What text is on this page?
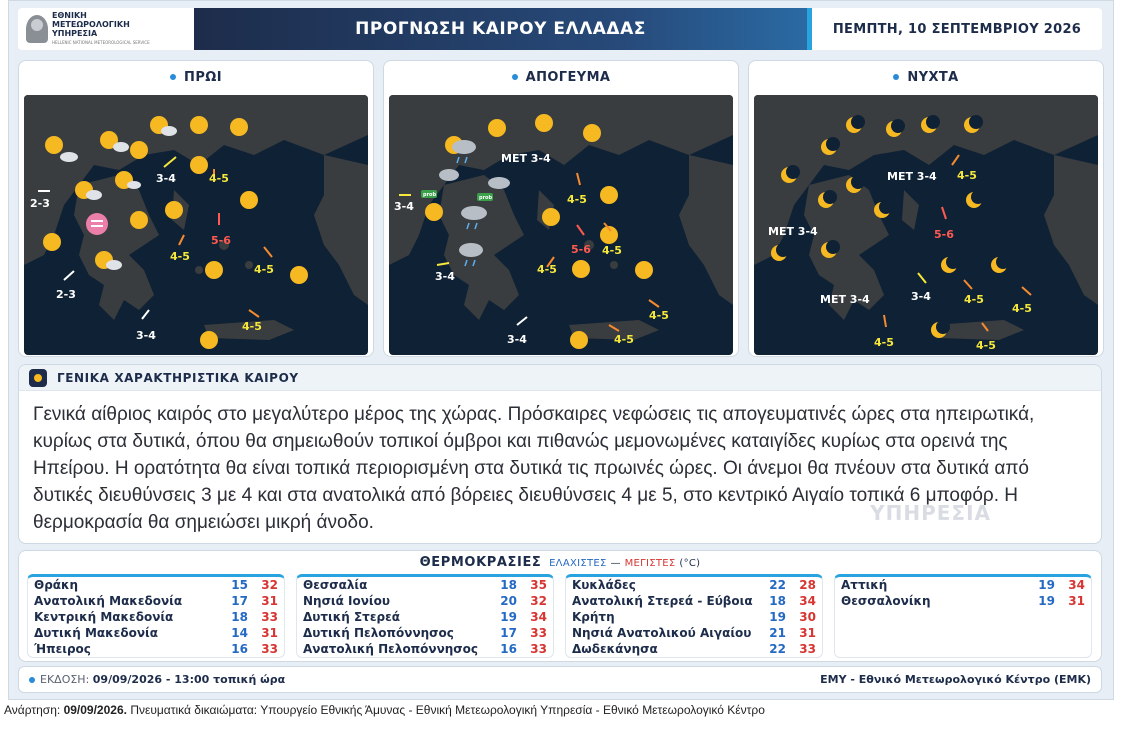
ΕΘΝΙΚΗ
ΜΕΤΕΩΡΟΛΟΓΙΚΗ
ΥΠΗΡΕΣΙΑ
HELLENIC NATIONAL METEOROLOGICAL SERVICE
ΠΡΟΓΝΩΣΗ ΚΑΙΡΟΥ ΕΛΛΑΔΑΣ	ΠΕΜΠΤΗ, 10 ΣΕΠΤΕΜΒΡΙΟΥ 2026
ΠΡΩΙ
2-3
3-4	4-5
5-6
4-5
4-5
2-3
3-4
4-5
ΑΠΟΓΕΥΜΑ
prob	prob
ΜΕΤ 3-4
3-4
4-5
5-6 4-5
3-4
4-5
4-5
3-4	4-5
ΝΥΧΤΑ
ΜΕΤ 3-4
ΜΕΤ 3-4
ΜΕΤ 3-4
4-5
5-6
3-4	4-5
4-5
4-5	4-5
ΓΕΝΙΚΑ ΧΑΡΑΚΤΗΡΙΣΤΙΚΑ ΚΑΙΡΟΥ
Γενικά αίθριος καιρός στο μεγαλύτερο μέρος της χώρας. Πρόσκαιρες νεφώσεις τις απογευματινές ώρες στα ηπειρωτικά, κυρίως στα δυτικά, όπου θα σημειωθούν τοπικοί όμβροι και πιθανώς μεμονωμένες καταιγίδες κυρίως στα ορεινά της Ηπείρου. Η ορατότητα θα είναι τοπικά περιορισμένη στα δυτικά τις πρωινές ώρες. Οι άνεμοι θα πνέουν στα δυτικά από δυτικές διευθύνσεις 3 με 4 και στα ανατολικά από βόρειες διευθύνσεις 4 με 5, στο κεντρικό Αιγαίο τοπικά 6 μποφόρ. Η θερμοκρασία θα σημειώσει μικρή άνοδο.	ΥΠΗΡΕΣΙΑ
ΘΕΡΜΟΚΡΑΣΙΕΣ ΕΛΑΧΙΣΤΕΣ — ΜΕΓΙΣΤΕΣ (°C)
Θράκη	15	32
Ανατολική Μακεδονία	17	31
Κεντρική Μακεδονία	18	33
Δυτική Μακεδονία	14	31
Ήπειρος	16	33
Θεσσαλία	18	35
Νησιά Ιονίου	20	32
Δυτική Στερεά	19	34
Δυτική Πελοπόννησος	17	33
Ανατολική Πελοπόννησος	16	33
Κυκλάδες	22	28
Ανατολική Στερεά - Εύβοια	18	34
Κρήτη	19	30
Νησιά Ανατολικού Αιγαίου	21	31
Δωδεκάνησα	22	33
Αττική	19	34
Θεσσαλονίκη	19	31
ΕΚΔΟΣΗ: 09/09/2026 - 13:00 τοπική ώρα	ΕΜΥ - Εθνικό Μετεωρολογικό Κέντρο (ΕΜΚ)
Ανάρτηση: 09/09/2026. Πνευματικά δικαιώματα: Υπουργείο Εθνικής Άμυνας - Εθνική Μετεωρολογική Υπηρεσία - Εθνικό Μετεωρολογικό Κέντρο
